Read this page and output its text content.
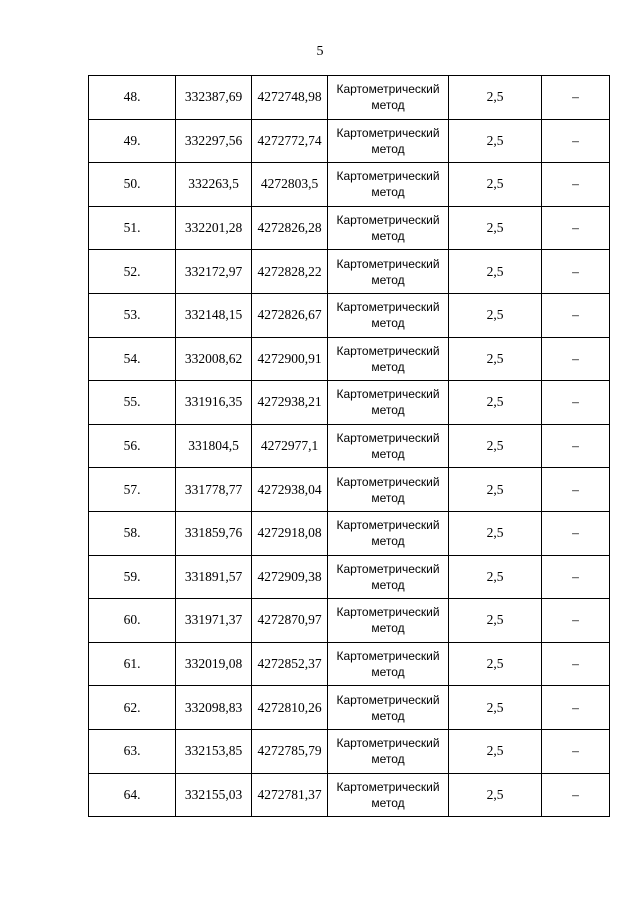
5
48.	332387,69	4272748,98	Картометрический метод	2,5	–
49.	332297,56	4272772,74	Картометрический метод	2,5	–
50.	332263,5	4272803,5	Картометрический метод	2,5	–
51.	332201,28	4272826,28	Картометрический метод	2,5	–
52.	332172,97	4272828,22	Картометрический метод	2,5	–
53.	332148,15	4272826,67	Картометрический метод	2,5	–
54.	332008,62	4272900,91	Картометрический метод	2,5	–
55.	331916,35	4272938,21	Картометрический метод	2,5	–
56.	331804,5	4272977,1	Картометрический метод	2,5	–
57.	331778,77	4272938,04	Картометрический метод	2,5	–
58.	331859,76	4272918,08	Картометрический метод	2,5	–
59.	331891,57	4272909,38	Картометрический метод	2,5	–
60.	331971,37	4272870,97	Картометрический метод	2,5	–
61.	332019,08	4272852,37	Картометрический метод	2,5	–
62.	332098,83	4272810,26	Картометрический метод	2,5	–
63.	332153,85	4272785,79	Картометрический метод	2,5	–
64.	332155,03	4272781,37	Картометрический метод	2,5	–
